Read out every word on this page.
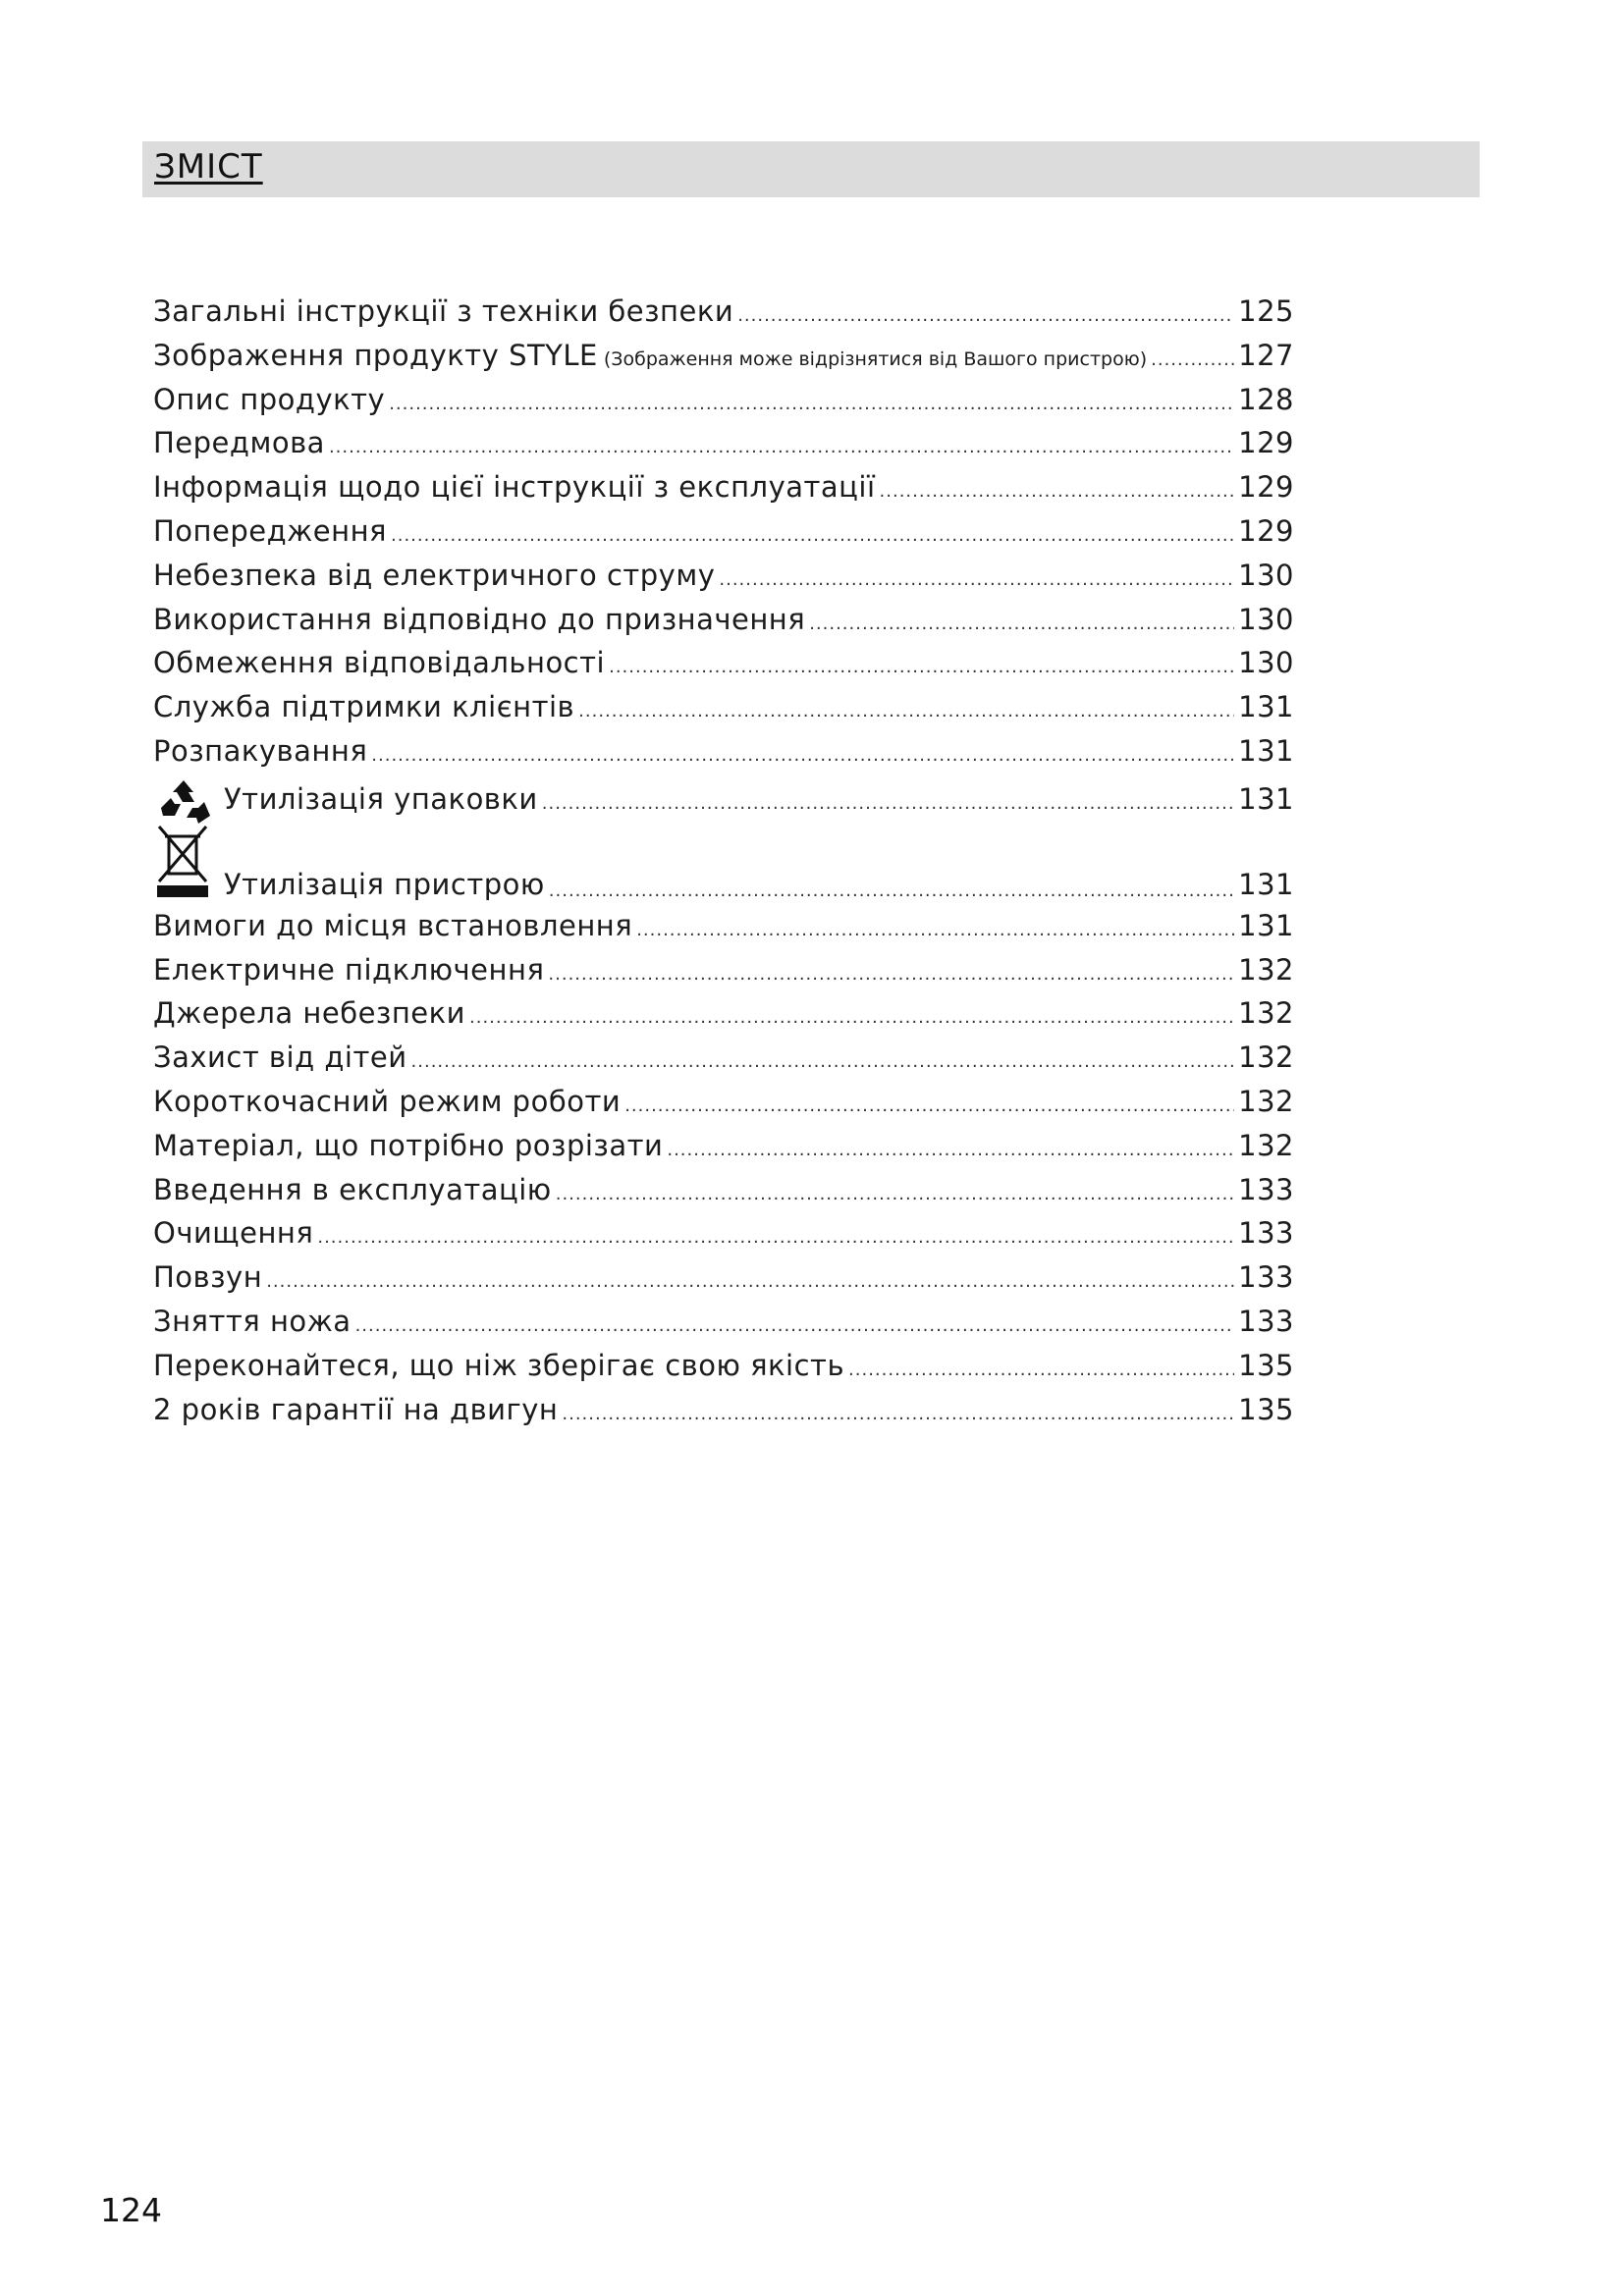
ЗМІСТ
Загальні інструкції з техніки безпеки .....	125
Зображення продукту STYLE (Зображення може відрізнятися від Вашого пристрою) .....	127
Опис продукту .....	128
Передмова .....	129
Інформація щодо цієї інструкції з експлуатації .....	129
Попередження .....	129
Небезпека від електричного струму .....	130
Використання відповідно до призначення .....	130
Обмеження відповідальності .....	130
Служба підтримки клієнтів .....	131
Розпакування .....	131
Утилізація упаковки .....	131
Утилізація пристрою .....	131
Вимоги до місця встановлення .....	131
Електричне підключення .....	132
Джерела небезпеки .....	132
Захист від дітей .....	132
Короткочасний режим роботи .....	132
Матеріал, що потрібно розрізати .....	132
Введення в експлуатацію .....	133
Очищення .....	133
Повзун .....	133
Зняття ножа .....	133
Переконайтеся, що ніж зберігає свою якість .....	135
2 років гарантії на двигун .....	135
124
